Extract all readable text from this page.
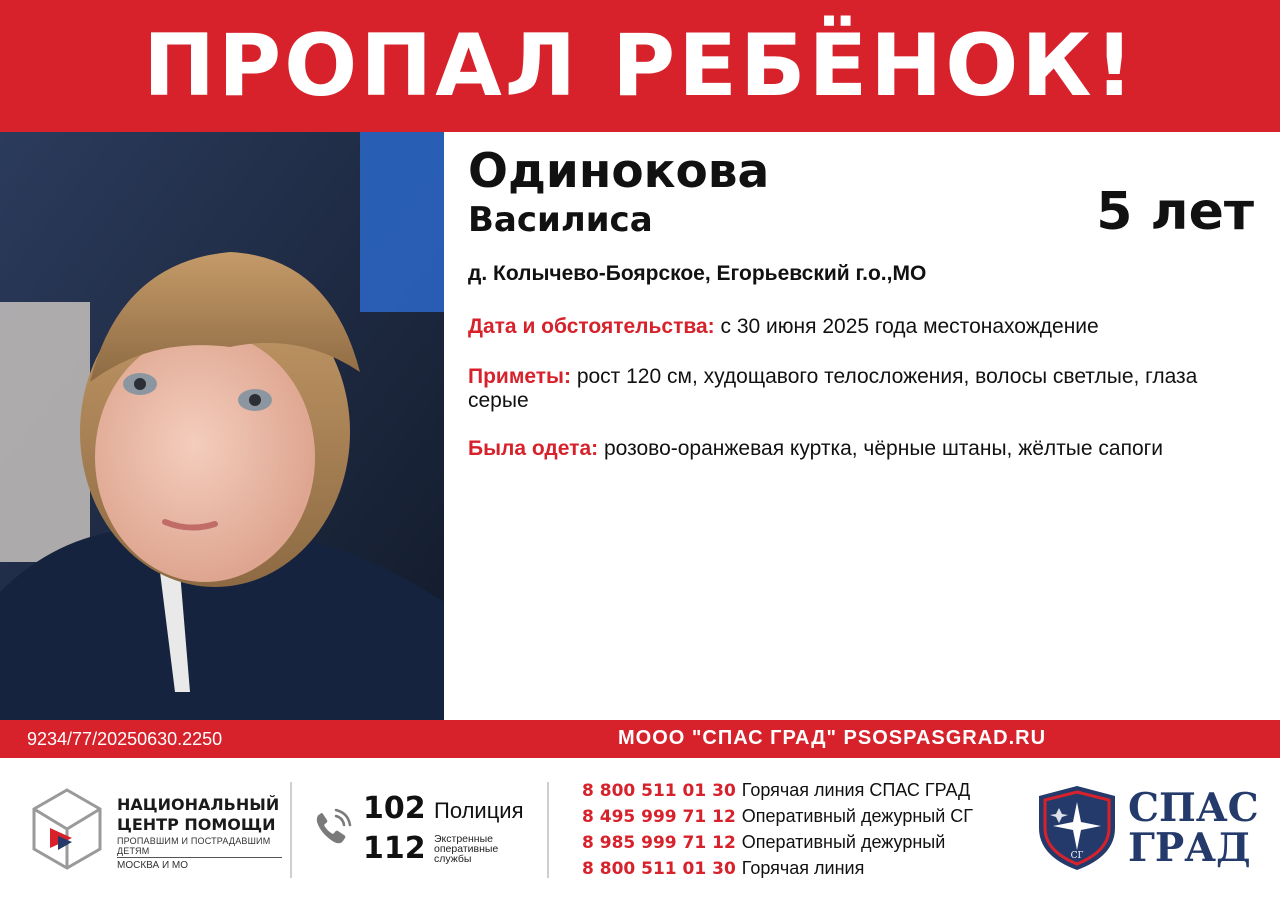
ПРОПАЛ РЕБЁНОК!
Одинокова
Василиса	5 лет
д. Колычево-Боярское, Егорьевский г.о.,МО
Дата и обстоятельства: с 30 июня 2025 года местонахождение
Приметы: рост 120 см, худощавого телосложения, волосы светлые, глаза серые
Была одета: розово-оранжевая куртка, чёрные штаны, жёлтые сапоги
9234/77/20250630.2250	МООО "СПАС ГРАД" PSOSPASGRAD.RU
НАЦИОНАЛЬНЫЙ
ЦЕНТР ПОМОЩИ
ПРОПАВШИМ И ПОСТРАДАВШИМ ДЕТЯМ
МОСКВА И МО
102 Полиция
112 Экстренные оперативные службы
8 800 511 01 30 Горячая линия СПАС ГРАД
8 495 999 71 12 Оперативный дежурный СГ
8 985 999 71 12 Оперативный дежурный
8 800 511 01 30 Горячая линия
СГ
СПАС
ГРАД
